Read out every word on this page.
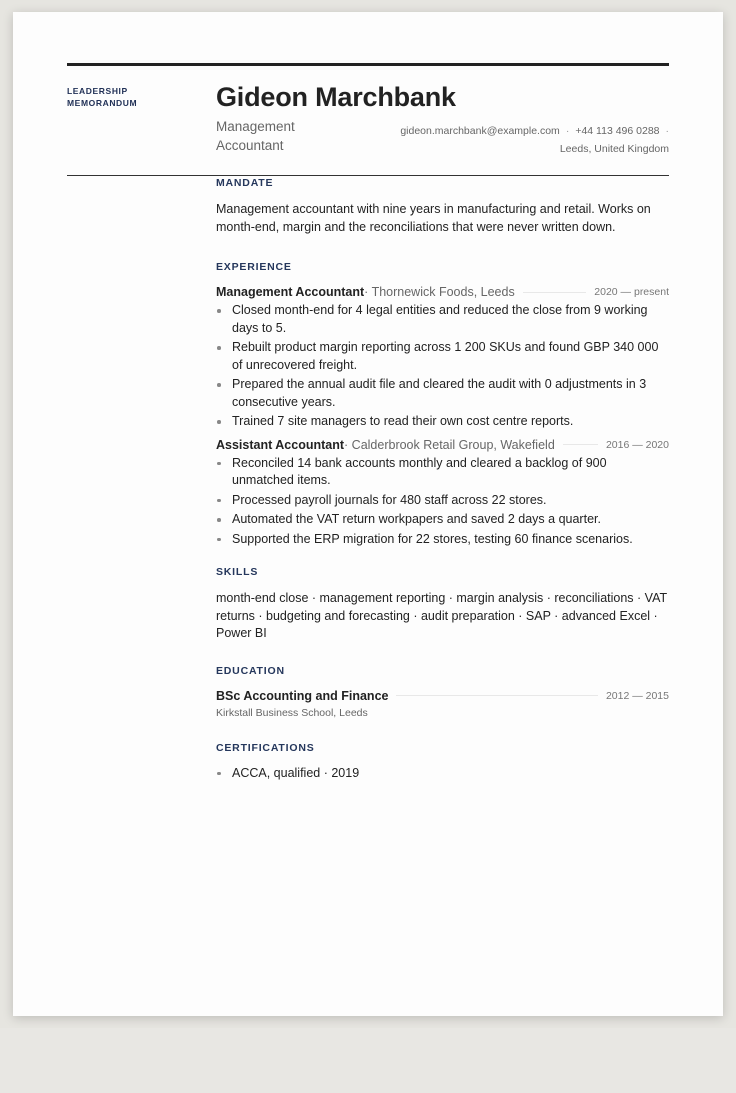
LEADERSHIP
MEMORANDUM	Gideon Marchbank
Management
Accountant
gideon.marchbank@example.com · +44 113 496 0288 ·
Leeds, United Kingdom
MANDATE
Management accountant with nine years in manufacturing and retail. Works on month-end, margin and the reconciliations that were never written down.
EXPERIENCE
Management Accountant · Thornewick Foods, Leeds	2020 — present
Closed month-end for 4 legal entities and reduced the close from 9 working days to 5.
Rebuilt product margin reporting across 1 200 SKUs and found GBP 340 000 of unrecovered freight.
Prepared the annual audit file and cleared the audit with 0 adjustments in 3 consecutive years.
Trained 7 site managers to read their own cost centre reports.
Assistant Accountant · Calderbrook Retail Group, Wakefield	2016 — 2020
Reconciled 14 bank accounts monthly and cleared a backlog of 900 unmatched items.
Processed payroll journals for 480 staff across 22 stores.
Automated the VAT return workpapers and saved 2 days a quarter.
Supported the ERP migration for 22 stores, testing 60 finance scenarios.
SKILLS
month-end close · management reporting · margin analysis · reconciliations · VAT returns · budgeting and forecasting · audit preparation · SAP · advanced Excel · Power BI
EDUCATION
BSc Accounting and Finance	2012 — 2015
Kirkstall Business School, Leeds
CERTIFICATIONS
ACCA, qualified · 2019
